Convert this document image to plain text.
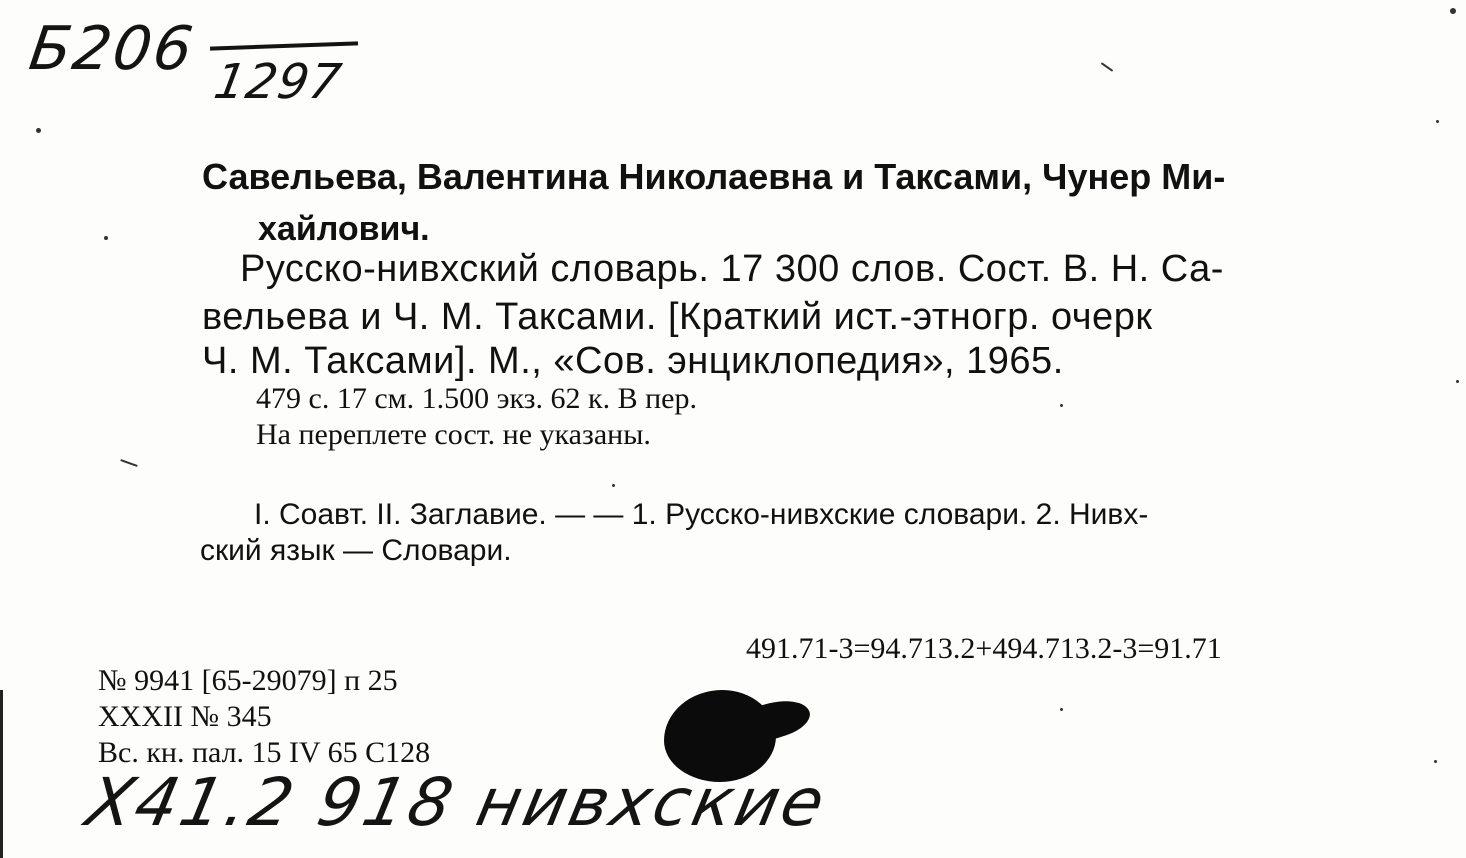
Б206 1297
Савельева, Валентина Николаевна и Таксами, Чунер Ми-
хайлович.
Русско-нивхский словарь. 17 300 слов. Сост. В. Н. Са-
вельева и Ч. М. Таксами. [Краткий ист.-этногр. очерк
Ч. М. Таксами]. М., «Сов. энциклопедия», 1965.
479 с. 17 см. 1.500 экз. 62 к. В пер.
На переплете сост. не указаны.
I. Соавт. II. Заглавие. — — 1. Русско-нивхские словари. 2. Нивх-
ский язык — Словари.
491.71-3=94.713.2+494.713.2-3=91.71
№ 9941 [65-29079] п 25
XXXII № 345
Вс. кн. пал. 15 IV 65 С128
X41.2 918 нивхские
